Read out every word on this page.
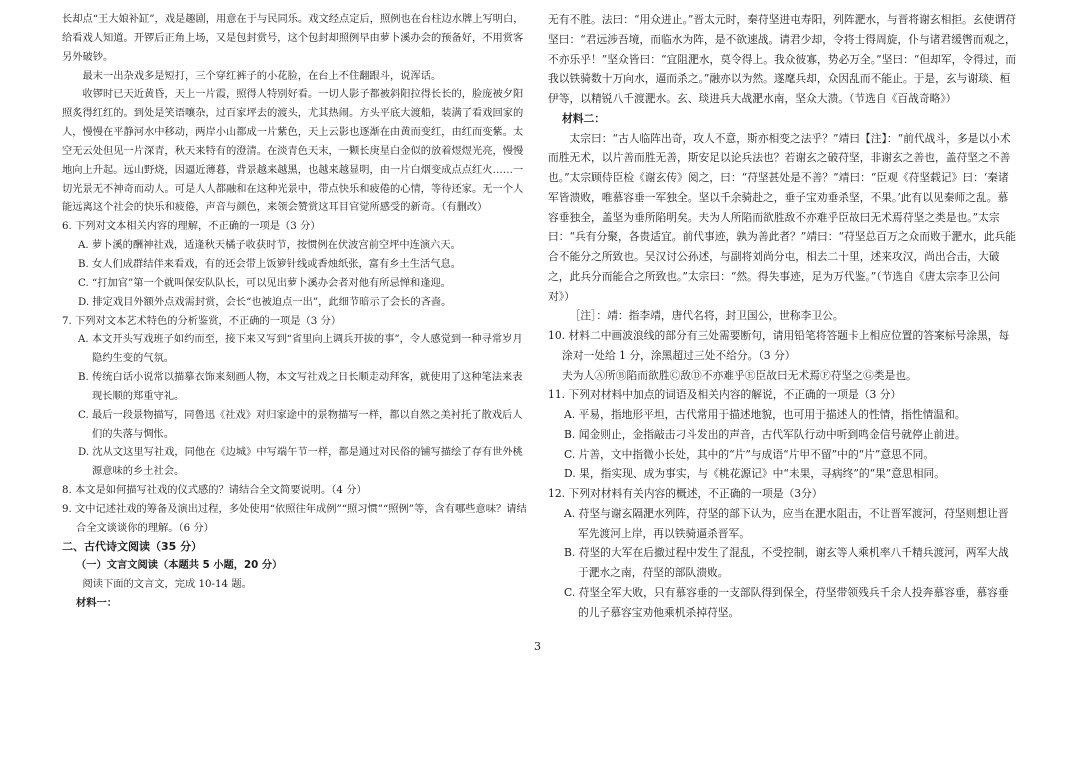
长却点“王大娘补缸”，戏是趣剧，用意在于与民同乐。戏文经点定后，照例也在台柱边水牌上写明白，给看戏人知道。开锣后正角上场，又是包封赏号，这个包封却照例早由萝卜溪办会的预备好，不用赏客另外破钞。

最末一出杂戏多是短打，三个穿红裤子的小花脸，在台上不住翻跟斗，说浑话。

收锣时已天近黄昏，天上一片霞，照得人特别好看。一切人影子都被斜阳拉得长长的，脸庞被夕阳照炙得红红的。到处是笑语嚷杂，过百家坪去的渡头，尤其热闹。方头平底大渡船，装满了看戏回家的人，慢慢在平静河水中移动，两岸小山都成一片紫色，天上云影也逐渐在由黄而变红，由红而变紫。太空无云处但见一片深青，秋天来特有的澄清。在淡青色天末，一颗长庚星白金似的放着煜煜光亮，慢慢地向上升起。远山野烧，因逼近薄暮，背景越来越黑，也越来越显明，由一片白烟变成点点红火……一切光景无不神奇而动人。可是人人都融和在这种光景中，带点快乐和疲倦的心情，等待还家。无一个人能远离这个社会的快乐和疲倦，声音与颜色，来领会赞赏这耳目官觉所感受的新奇。（有删改）

6. 下列对文本相关内容的理解，不正确的一项是（3 分）

A. 萝卜溪的酬神社戏，适逢秋天橘子收获时节，按惯例在伏波宫前空坪中连演六天。

B. 女人们成群结伴来看戏，有的还会带上饭箩针线或香烛纸张，富有乡土生活气息。

C. “打加官”第一个就叫保安队队长，可以见出萝卜溪办会者对他有所忌惮和逢迎。

D. 排定戏目外额外点戏需封赏，会长“也被迫点一出”，此细节暗示了会长的吝啬。

7. 下列对文本艺术特色的分析鉴赏，不正确的一项是（3 分）

A. 本文开头写戏班子如约而至，接下来又写到“省里向上调兵开拔的事”，令人感觉到一种寻常岁月隐约生变的气氛。

B. 传统白话小说常以描摹衣饰来刻画人物，本文写社戏之日长顺走动拜客，就使用了这种笔法来表现长顺的郑重守礼。

C. 最后一段景物描写，同鲁迅《社戏》对归家途中的景物描写一样，都以自然之美衬托了散戏后人们的失落与惆怅。

D. 沈从文这里写社戏，同他在《边城》中写端午节一样，都是通过对民俗的铺写描绘了存有世外桃源意味的乡土社会。

8. 本文是如何描写社戏的仪式感的？请结合全文简要说明。（4 分）

9. 文中记述社戏的筹备及演出过程，多处使用“依照往年成例”“照习惯”“照例”等，含有哪些意味？请结合全文谈谈你的理解。（6 分）

二、古代诗文阅读（35 分）

（一）文言文阅读（本题共 5 小题，20 分）

阅读下面的文言文，完成 10-14 题。

材料一：

无有不胜。法曰：“用众进止。”晋太元时，秦苻坚进屯寿阳，列阵淝水，与晋将谢玄相拒。玄使谓苻坚曰：“君远涉吾境，而临水为阵，是不欲速战。请君少却，令将士得周旋，仆与诸君缓辔而观之，不亦乐乎！”坚众皆曰：“宜阻淝水，莫令得上。我众彼寡，势必万全。”坚曰：“但却军，令得过，而我以铁骑数十万向水，逼而杀之。”融亦以为然。遂麾兵却，众因乱而不能止。于是，玄与谢琰、桓伊等，以精锐八千渡淝水。玄、琰进兵大战淝水南，坚众大溃。（节选自《百战奇略》）

材料二：

太宗曰：“古人临阵出奇，攻人不意，斯亦相变之法乎？”靖曰【注】：“前代战斗，多是以小术而胜无术，以片善而胜无善，斯安足以论兵法也？若谢玄之破苻坚，非谢玄之善也，盖苻坚之不善也。”太宗顾侍臣检《谢玄传》阅之，曰：“苻坚甚处是不善？”靖曰：“臣观《苻坚载记》曰：‘秦诸军皆溃败，唯慕容垂一军独全。坚以千余骑赴之，垂子宝劝垂杀坚，不果。’此有以见秦师之乱。慕容垂独全，盖坚为垂所陷明矣。夫为人所陷而欲胜敌不亦难乎臣故曰无术焉苻坚之类是也。”太宗曰：“兵有分聚，各贵适宜。前代事迹，孰为善此者？”靖曰：“苻坚总百万之众而败于淝水，此兵能合不能分之所致也。吴汉讨公孙述，与副将刘尚分屯，相去二十里，述来攻汉，尚出合击，大破之，此兵分而能合之所致也。”太宗曰：“然。得失事迹，足为万代鉴。”（节选自《唐太宗李卫公问对》）

［注］：靖：指李靖，唐代名将，封卫国公，世称李卫公。

10. 材料二中画波浪线的部分有三处需要断句，请用铅笔将答题卡上相应位置的答案标号涂黑，每涂对一处给 1 分，涂黑超过三处不给分。（3 分）

夫为人Ⓐ所Ⓑ陷而欲胜Ⓒ敌Ⓓ不亦难乎Ⓔ臣故曰无术焉Ⓕ苻坚之Ⓖ类是也。

11. 下列对材料中加点的词语及相关内容的解说，不正确的一项是（3 分）

A. 平易，指地形平坦，古代常用于描述地貌，也可用于描述人的性情，指性情温和。

B. 闻金则止，金指敲击刁斗发出的声音，古代军队行动中听到鸣金信号就停止前进。

C. 片善，文中指微小长处，其中的“片”与成语“片甲不留”中的“片”意思不同。

D. 果，指实现、成为事实，与《桃花源记》中“未果，寻病终”的“果”意思相同。

12. 下列对材料有关内容的概述，不正确的一项是（3分）

A. 苻坚与谢玄隔淝水列阵，苻坚的部下认为，应当在淝水阻击，不让晋军渡河，苻坚则想让晋军先渡河上岸，再以铁骑逼杀晋军。

B. 苻坚的大军在后撤过程中发生了混乱，不受控制，谢玄等人乘机率八千精兵渡河，两军大战于淝水之南，苻坚的部队溃败。

C. 苻坚全军大败，只有慕容垂的一支部队得到保全，苻坚带领残兵千余人投奔慕容垂，慕容垂的儿子慕容宝劝他乘机杀掉苻坚。

3
